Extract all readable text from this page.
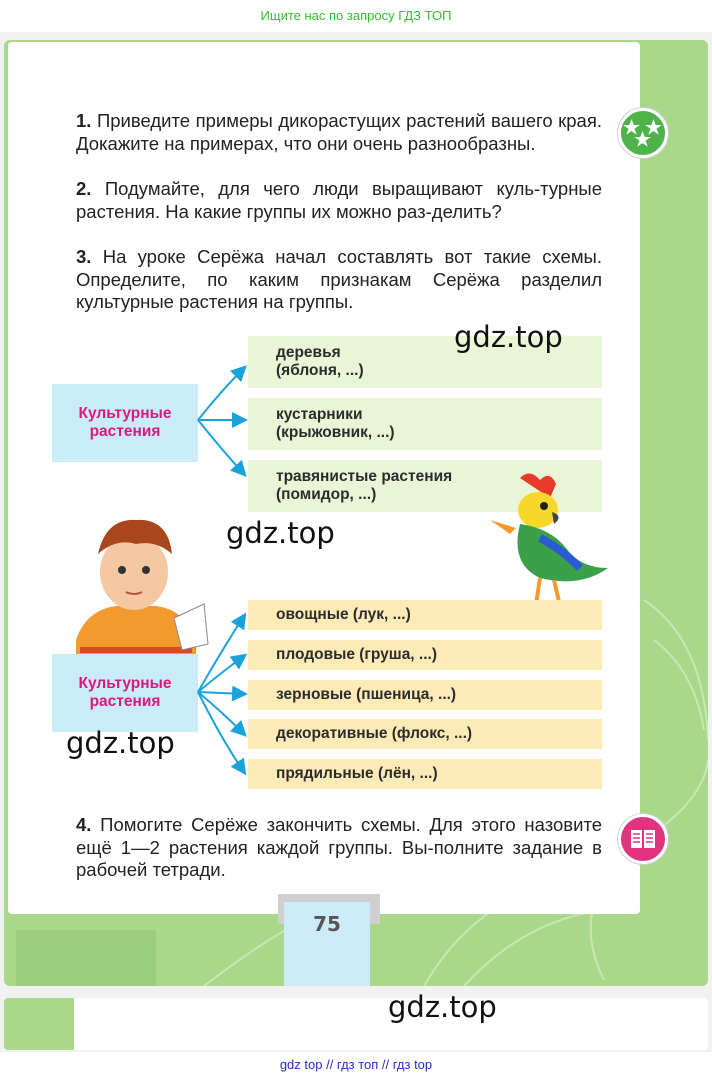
Ищите нас по запросу ГДЗ ТОП
1. Приведите примеры дикорастущих растений вашего края. Докажите на примерах, что они очень разнообразны.
2. Подумайте, для чего люди выращивают куль-турные растения. На какие группы их можно раз-делить?
3. На уроке Серёжа начал составлять вот такие схемы. Определите, по каким признакам Серёжа разделил культурные растения на группы.
Культурные
растения
деревья
(яблоня, ...)
кустарники
(крыжовник, ...)
травянистые растения
(помидор, ...)
Культурные
растения
овощные (лук, ...)
плодовые (груша, ...)
зерновые (пшеница, ...)
декоративные (флокс, ...)
прядильные (лён, ...)
4. Помогите Серёже закончить схемы. Для этого назовите ещё 1—2 растения каждой группы. Вы-полните задание в рабочей тетради.
gdz.top
gdz.top
gdz.top
75
gdz.top
gdz top // гдз топ // гдз top
